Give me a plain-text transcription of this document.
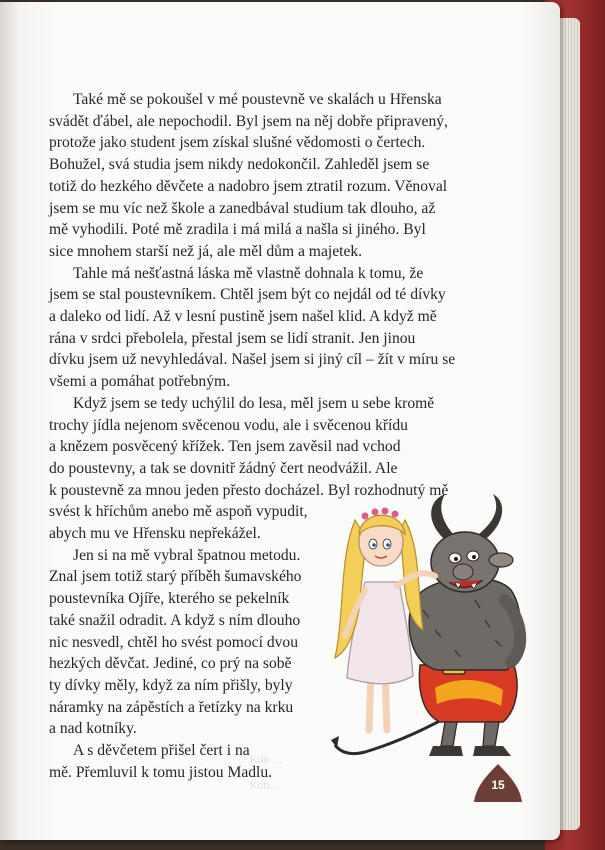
Také mě se pokoušel v mé poustevně ve skalách u Hřenska
svádět ďábel, ale nepochodil. Byl jsem na něj dobře připravený,
protože jako student jsem získal slušné vědomosti o čertech.
Bohužel, svá studia jsem nikdy nedokončil. Zahleděl jsem se
totiž do hezkého děvčete a nadobro jsem ztratil rozum. Věnoval
jsem se mu víc než škole a zanedbával studium tak dlouho, až
mě vyhodili. Poté mě zradila i má milá a našla si jiného. Byl
sice mnohem starší než já, ale měl dům a majetek.

Tahle má nešťastná láska mě vlastně dohnala k tomu, že
jsem se stal poustevníkem. Chtěl jsem být co nejdál od té dívky
a daleko od lidí. Až v lesní pustině jsem našel klid. A když mě
rána v srdci přebolela, přestal jsem se lidí stranit. Jen jinou
dívku jsem už nevyhledával. Našel jsem si jiný cíl – žít v míru se
všemi a pomáhat potřebným.

Když jsem se tedy uchýlil do lesa, měl jsem u sebe kromě
trochy jídla nejenom svěcenou vodu, ale i svěcenou křídu
a knězem posvěcený křížek. Ten jsem zavěsil nad vchod
do poustevny, a tak se dovnitř žádný čert neodvážil. Ale
k poustevně za mnou jeden přesto docházel. Byl rozhodnutý mě
svést k hříchům anebo mě aspoň vypudit,
abych mu ve Hřensku nepřekážel.

Jen si na mě vybral špatnou metodu.
Znal jsem totiž starý příběh šumavského
poustevníka Ojíře, kterého se pekelník
také snažil odradit. A když s ním dlouho
nic nesvedl, chtěl ho svést pomocí dvou
hezkých děvčat. Jediné, co prý na sobě
ty dívky měly, když za ním přišly, byly
náramky na zápěstích a řetízky na krku
a nad kotníky.

A s děvčetem přišel čert i na
mě. Přemluvil k tomu jistou Madlu.

Kdo ...
Kob...	15
